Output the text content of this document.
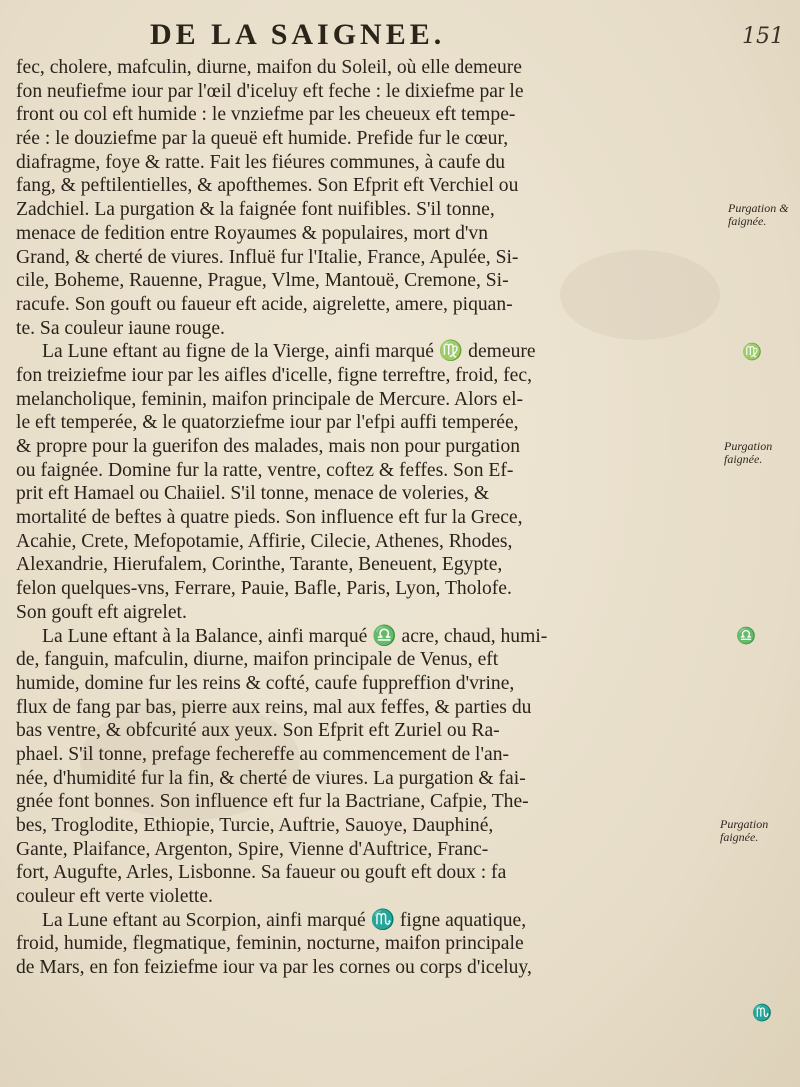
DE LA SAIGNEE.	151
fec, cholere, mafculin, diurne, maifon du Soleil, où elle demeure
fon neufiefme iour par l'œil d'iceluy eft feche : le dixiefme par le
front ou col eft humide : le vnziefme par les cheueux eft tempe-
rée : le douziefme par la queuë eft humide. Prefide fur le cœur,
diafragme, foye & ratte. Fait les fiéures communes, à caufe du
fang, & peftilentielles, & apofthemes. Son Efprit eft Verchiel ou
Zadchiel. La purgation & la faignée font nuifibles. S'il tonne,
menace de fedition entre Royaumes & populaires, mort d'vn
Grand, & cherté de viures. Influë fur l'Italie, France, Apulée, Si-
cile, Boheme, Rauenne, Prague, Vlme, Mantouë, Cremone, Si-
racufe. Son gouft ou faueur eft acide, aigrelette, amere, piquan-
te. Sa couleur iaune rouge.
La Lune eftant au figne de la Vierge, ainfi marqué ♍ demeure
fon treiziefme iour par les aifles d'icelle, figne terreftre, froid, fec,
melancholique, feminin, maifon principale de Mercure. Alors el-
le eft temperée, & le quatorziefme iour par l'efpi auffi temperée,
& propre pour la guerifon des malades, mais non pour purgation
ou faignée. Domine fur la ratte, ventre, coftez & feffes. Son Ef-
prit eft Hamael ou Chaiiel. S'il tonne, menace de voleries, &
mortalité de beftes à quatre pieds. Son influence eft fur la Grece,
Acahie, Crete, Mefopotamie, Affirie, Cilecie, Athenes, Rhodes,
Alexandrie, Hierufalem, Corinthe, Tarante, Beneuent, Egypte,
felon quelques-vns, Ferrare, Pauie, Bafle, Paris, Lyon, Tholofe.
Son gouft eft aigrelet.
La Lune eftant à la Balance, ainfi marqué ♎ acre, chaud, humi-
de, fanguin, mafculin, diurne, maifon principale de Venus, eft
humide, domine fur les reins & cofté, caufe fuppreffion d'vrine,
flux de fang par bas, pierre aux reins, mal aux feffes, & parties du
bas ventre, & obfcurité aux yeux. Son Efprit eft Zuriel ou Ra-
phael. S'il tonne, prefage fechereffe au commencement de l'an-
née, d'humidité fur la fin, & cherté de viures. La purgation & fai-
gnée font bonnes. Son influence eft fur la Bactriane, Cafpie, The-
bes, Troglodite, Ethiopie, Turcie, Auftrie, Sauoye, Dauphiné,
Gante, Plaifance, Argenton, Spire, Vienne d'Auftrice, Franc-
fort, Augufte, Arles, Lisbonne. Sa faueur ou gouft eft doux : fa
couleur eft verte violette.
La Lune eftant au Scorpion, ainfi marqué ♏ figne aquatique,
froid, humide, flegmatique, feminin, nocturne, maifon principale
de Mars, en fon feiziefme iour va par les cornes ou corps d'iceluy,
Purgation & faignée.
♍
Purgation faignée.
♎
Purgation faignée.
♏
